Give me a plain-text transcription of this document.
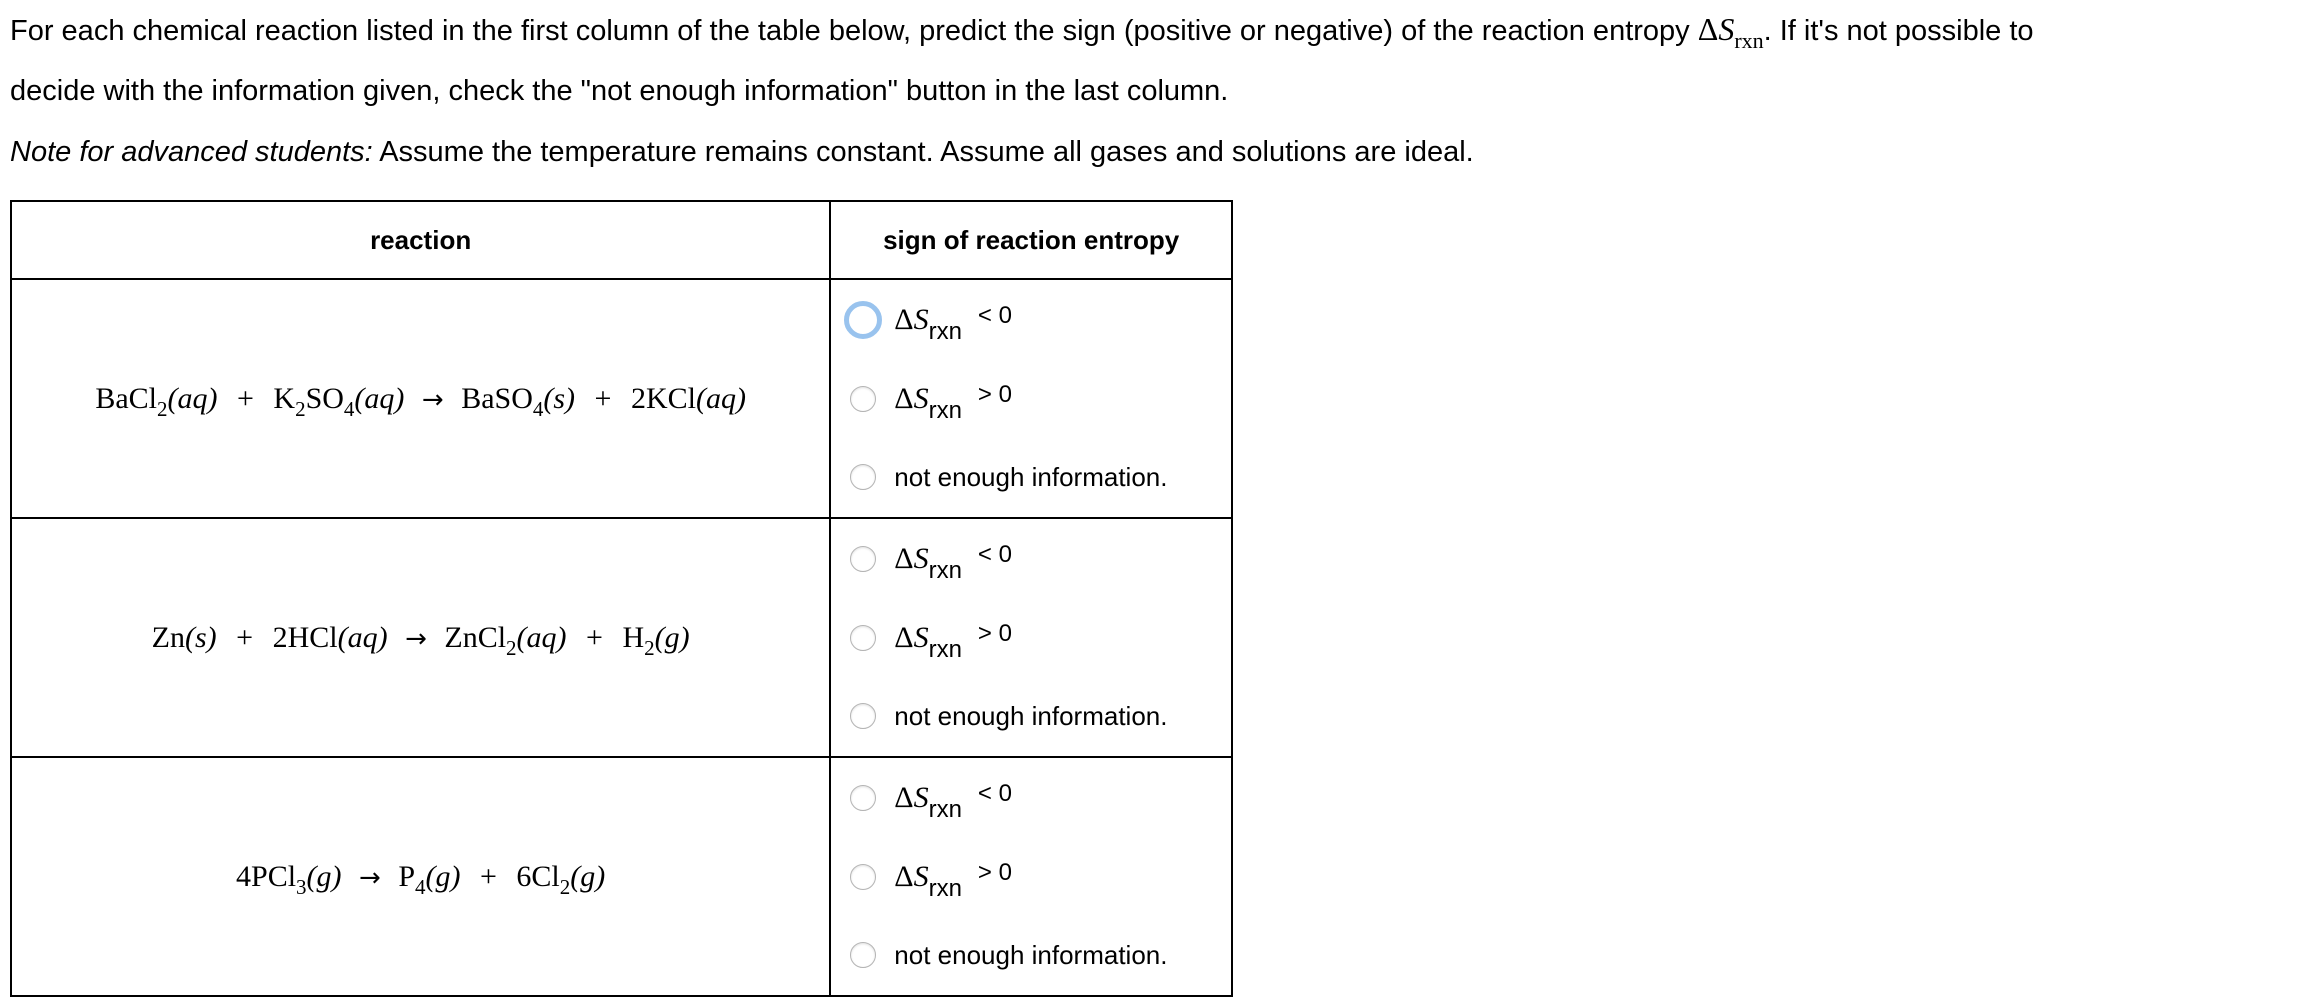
For each chemical reaction listed in the first column of the table below, predict the sign (positive or negative) of the reaction entropy $\Delta S_{rxn}$. If it's not possible to

decide with the information given, check the "not enough information" button in the last column.

Note for advanced students: Assume the temperature remains constant. Assume all gases and solutions are ideal.

reaction	sign of reaction entropy
BaCl$_2$(aq) + $K_2SO_4(aq)$ → BaSO$_4$(s) + 2KCl(aq)	$\Delta S_{rxn}< 0$
$\Delta S_{rxn}> 0$
not enough information.

Zn(s) + 2HCl(aq) → ZnCl$_2$(aq) + $H_2(g)$	$\Delta S_{rxn}< 0$
$\Delta S_{rxn}> 0$
not enough information.

$4PCl_3(g) \to P_4(g) + 6Cl_2(g)$	$\Delta S_{rxn}< 0$
$\Delta S_{rxn}> 0$
not enough information.
